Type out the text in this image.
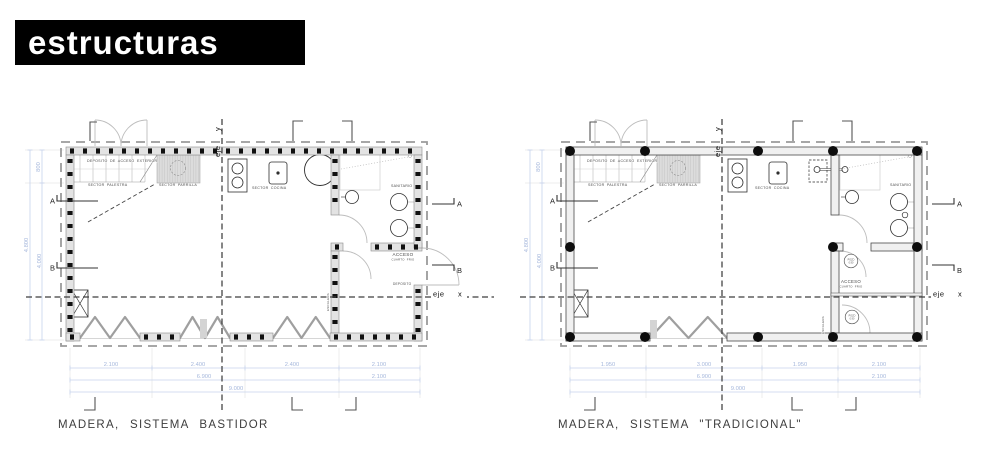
estructuras
2.100	2.400	2.400	2.100
6.900	2.100
9.000
800
4.800
4.000
eje x
eje
y
A
B
A
B
DEPOSITO  DE  ACCESO  EXTERIOR
SECTOR  PALESTRA	SECTOR  PARRILLA
SECTOR  COCINA	SANITARIO
ACCESO
CUARTO  FRIO
DEPOSITO
ESCALERA
MADERA, SISTEMA BASTIDOR
1.950	3.000	1.950	2.100
6.900	2.100
9.000
800
4.800
4.000	POZO
0.90
POZO
0.90
eje x
eje
y
A
B
A
B
DEPOSITO  DE  ACCESO  EXTERIOR
SECTOR  PALESTRA	SECTOR  PARRILLA
SECTOR  COCINA
SANITARIO
ACCESO
CUARTO  FRIO
ESCALERA
MADERA, SISTEMA "TRADICIONAL"
